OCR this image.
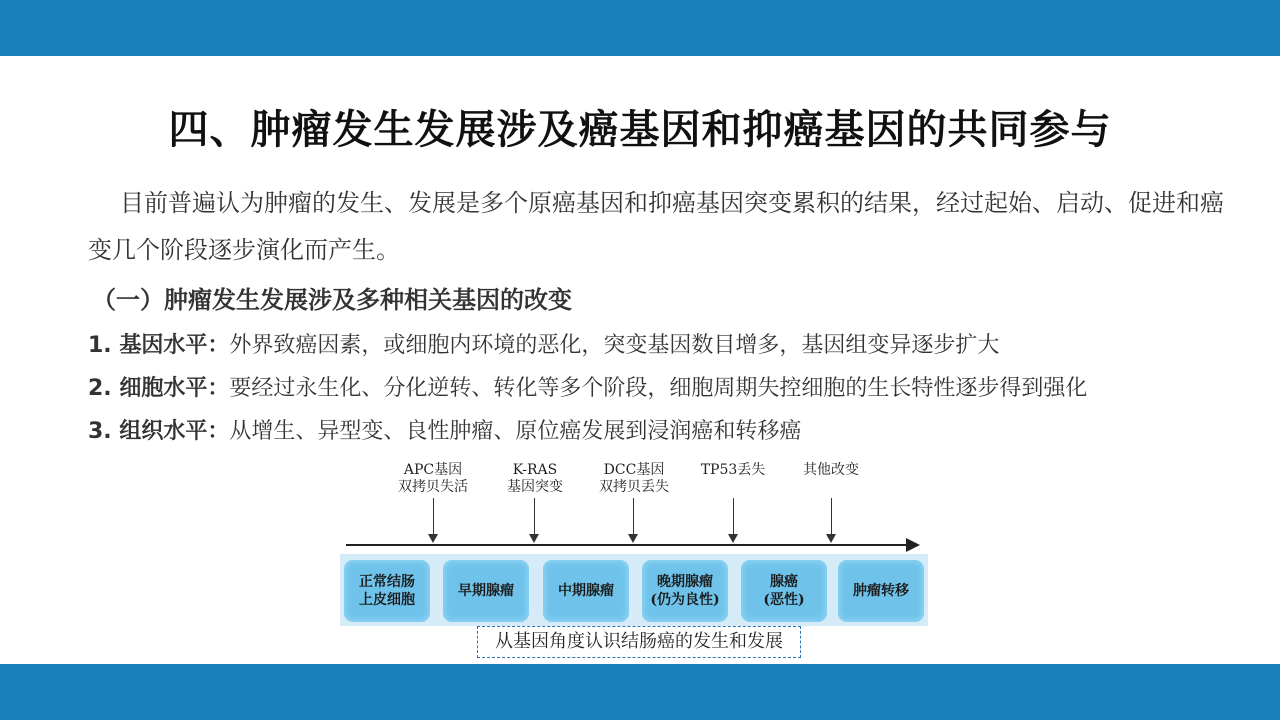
四、肿瘤发生发展涉及癌基因和抑癌基因的共同参与
目前普遍认为肿瘤的发生、发展是多个原癌基因和抑癌基因突变累积的结果，经过起始、启动、促进和癌变几个阶段逐步演化而产生。
（一）肿瘤发生发展涉及多种相关基因的改变
1. 基因水平：外界致癌因素，或细胞内环境的恶化，突变基因数目增多，基因组变异逐步扩大
2. 细胞水平：要经过永生化、分化逆转、转化等多个阶段，细胞周期失控细胞的生长特性逐步得到强化
3. 组织水平：从增生、异型变、良性肿瘤、原位癌发展到浸润癌和转移癌
APC基因
双拷贝失活
K-RAS
基因突变
DCC基因
双拷贝丢失
TP53丢失	其他改变
正常结肠
上皮细胞
早期腺瘤	中期腺瘤
晚期腺瘤
(仍为良性)
腺癌
(恶性)
肿瘤转移
从基因角度认识结肠癌的发生和发展
